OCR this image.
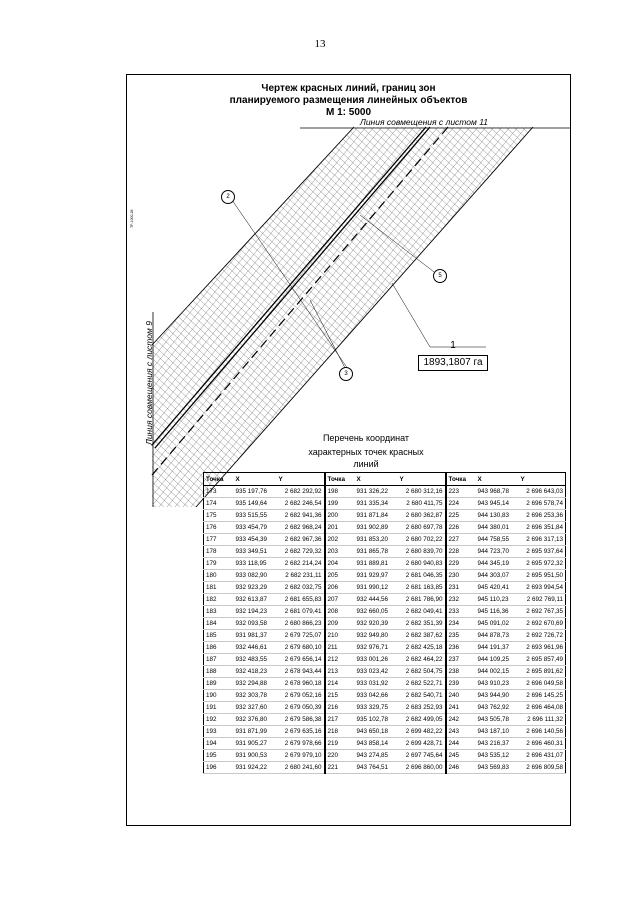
13
Чертеж красных линий, границ зон
планируемого размещения линейных объектов
М 1: 5000
Линия совмещения с листом 11
Линия совмещения с листом 9
ТР-1000-28
2
5
3
1
1893,1807 га
Перечень координат
характерных точек красных линий
Точка	X	Y	Точка	X	Y	Точка	X	Y
173	935 197,76	2 682 292,92	198	931 326,22	2 680 312,16	223	943 968,78	2 696 643,03
174	935 149,64	2 682 246,54	199	931 335,34	2 680 411,75	224	943 945,14	2 696 578,74
175	933 515,55	2 682 941,36	200	931 871,84	2 680 362,87	225	944 130,83	2 696 253,36
176	933 454,79	2 682 968,24	201	931 902,89	2 680 697,78	226	944 380,01	2 696 351,84
177	933 454,39	2 682 967,36	202	931 853,20	2 680 702,22	227	944 758,55	2 696 317,13
178	933 349,51	2 682 729,32	203	931 865,78	2 680 839,70	228	944 723,70	2 695 937,64
179	933 118,95	2 682 214,24	204	931 889,81	2 680 940,83	229	944 345,19	2 695 972,32
180	933 082,90	2 682 231,11	205	931 929,97	2 681 046,35	230	944 303,07	2 695 951,50
181	932 923,29	2 682 032,75	206	931 990,12	2 681 163,85	231	945 420,41	2 693 994,54
182	932 613,87	2 681 655,83	207	932 444,56	2 681 786,90	232	945 110,23	2 692 769,11
183	932 194,23	2 681 079,41	208	932 660,05	2 682 049,41	233	945 116,36	2 692 767,35
184	932 093,58	2 680 866,23	209	932 920,39	2 682 351,39	234	945 091,02	2 692 670,69
185	931 981,37	2 679 725,07	210	932 949,80	2 682 387,62	235	944 878,73	2 692 726,72
186	932 446,61	2 679 680,10	211	932 976,71	2 682 425,18	236	944 191,37	2 693 961,96
187	932 483,55	2 679 656,14	212	933 001,26	2 682 464,22	237	944 109,25	2 695 857,49
188	932 418,23	2 678 943,44	213	933 023,42	2 682 504,75	238	944 002,15	2 695 891,62
189	932 294,88	2 678 960,18	214	933 031,92	2 682 522,71	239	943 910,23	2 696 049,58
190	932 303,78	2 679 052,16	215	933 042,66	2 682 540,71	240	943 944,90	2 696 145,25
191	932 327,60	2 679 050,39	216	933 329,75	2 683 252,93	241	943 762,92	2 696 464,08
192	932 376,80	2 679 586,38	217	935 102,78	2 682 499,05	242	943 505,78	2 696 111,32
193	931 871,99	2 679 635,16	218	943 650,18	2 699 482,22	243	943 187,10	2 696 140,56
194	931 905,27	2 679 978,66	219	943 858,14	2 699 428,71	244	943 216,37	2 696 460,31
195	931 900,53	2 679 979,10	220	943 274,85	2 697 745,64	245	943 535,12	2 696 431,07
196	931 924,22	2 680 241,60	221	943 764,51	2 696 860,00	246	943 569,83	2 696 809,58
